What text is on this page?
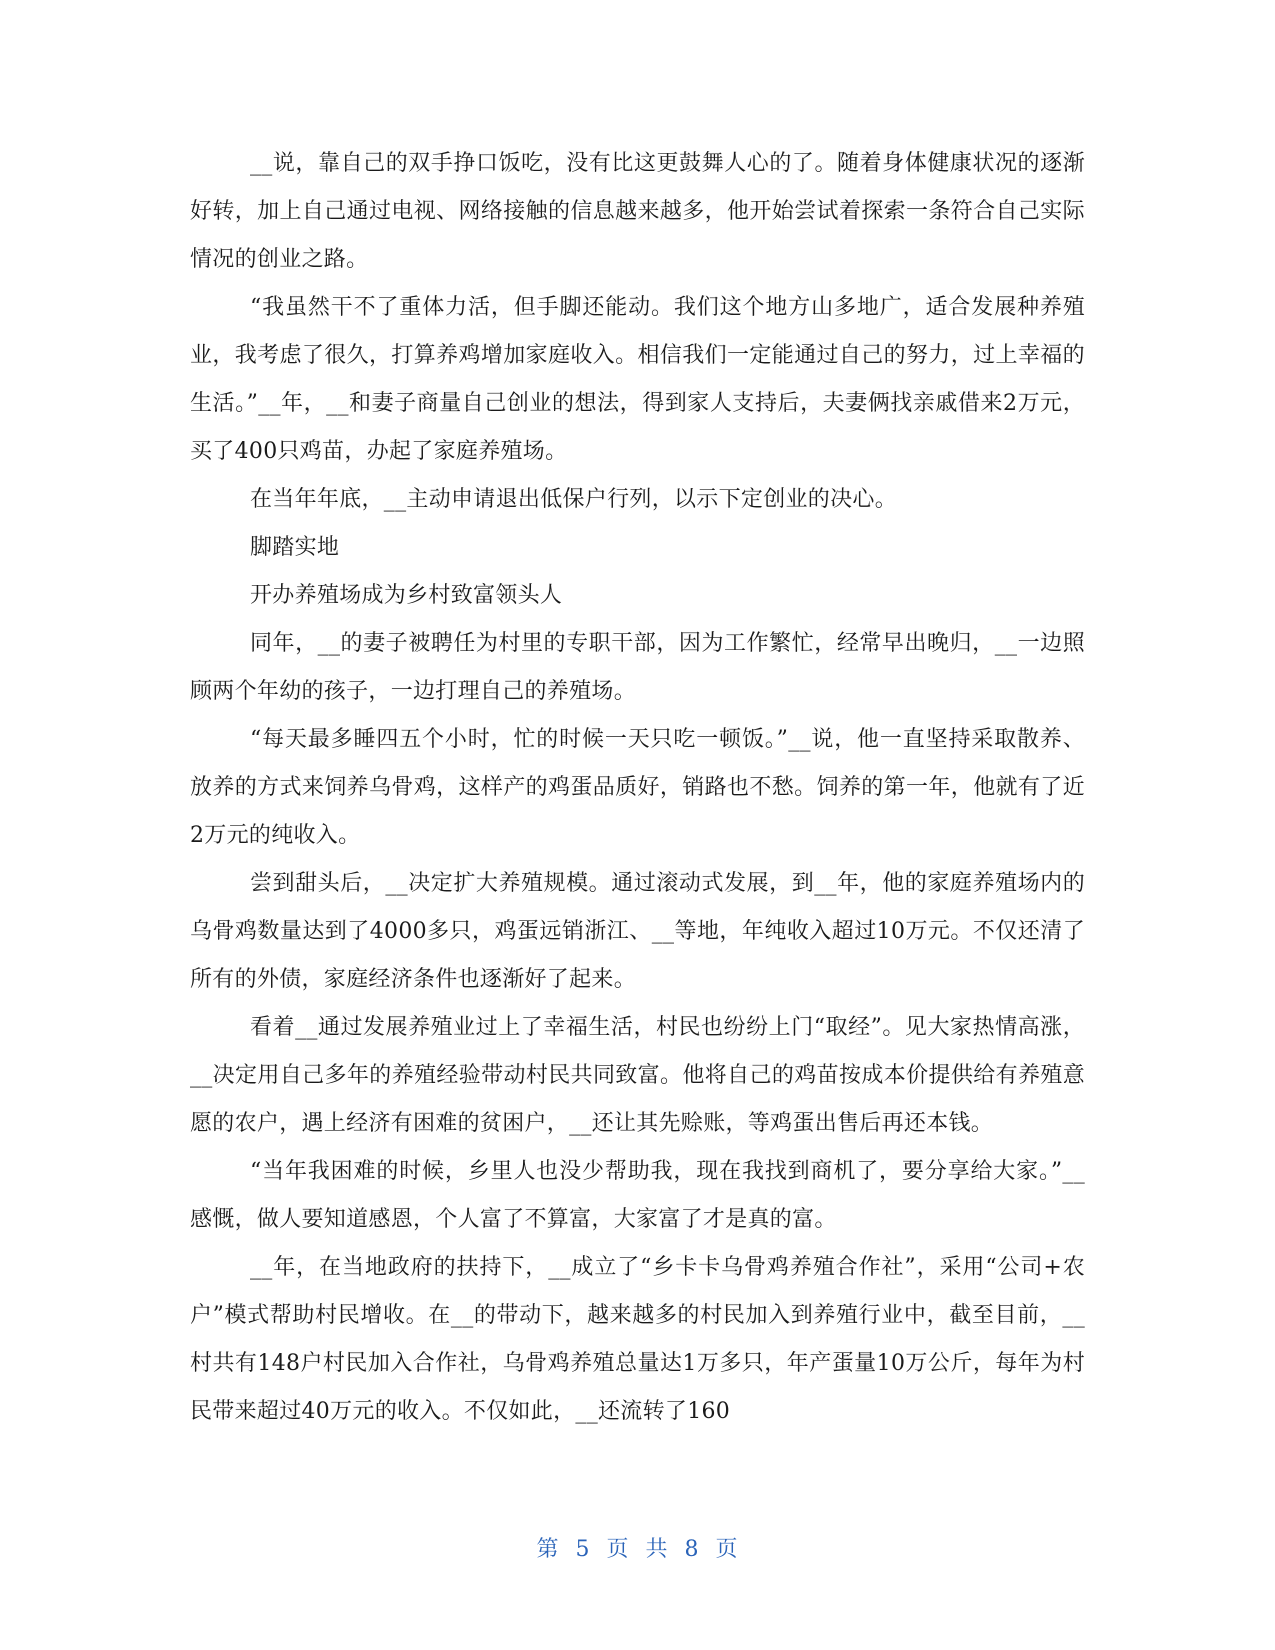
__说，靠自己的双手挣口饭吃，没有比这更鼓舞人心的了。随着身体健康状况的逐渐好转，加上自己通过电视、网络接触的信息越来越多，他开始尝试着探索一条符合自己实际情况的创业之路。

“我虽然干不了重体力活，但手脚还能动。我们这个地方山多地广，适合发展种养殖业，我考虑了很久，打算养鸡增加家庭收入。相信我们一定能通过自己的努力，过上幸福的生活。”__年，__和妻子商量自己创业的想法，得到家人支持后，夫妻俩找亲戚借来2万元，买了400只鸡苗，办起了家庭养殖场。

在当年年底，__主动申请退出低保户行列，以示下定创业的决心。

脚踏实地

开办养殖场成为乡村致富领头人

同年，__的妻子被聘任为村里的专职干部，因为工作繁忙，经常早出晚归，__一边照顾两个年幼的孩子，一边打理自己的养殖场。

“每天最多睡四五个小时，忙的时候一天只吃一顿饭。”__说，他一直坚持采取散养、放养的方式来饲养乌骨鸡，这样产的鸡蛋品质好，销路也不愁。饲养的第一年，他就有了近2万元的纯收入。

尝到甜头后，__决定扩大养殖规模。通过滚动式发展，到__年，他的家庭养殖场内的乌骨鸡数量达到了4000多只，鸡蛋远销浙江、__等地，年纯收入超过10万元。不仅还清了所有的外债，家庭经济条件也逐渐好了起来。

看着__通过发展养殖业过上了幸福生活，村民也纷纷上门“取经”。见大家热情高涨，__决定用自己多年的养殖经验带动村民共同致富。他将自己的鸡苗按成本价提供给有养殖意愿的农户，遇上经济有困难的贫困户，__还让其先赊账，等鸡蛋出售后再还本钱。

“当年我困难的时候，乡里人也没少帮助我，现在我找到商机了，要分享给大家。”__感慨，做人要知道感恩，个人富了不算富，大家富了才是真的富。

__年，在当地政府的扶持下，__成立了“乡卡卡乌骨鸡养殖合作社”，采用“公司+农户”模式帮助村民增收。在__的带动下，越来越多的村民加入到养殖行业中，截至目前，__村共有148户村民加入合作社，乌骨鸡养殖总量达1万多只，年产蛋量10万公斤，每年为村民带来超过40万元的收入。不仅如此，__还流转了160

第 5 页 共 8 页
